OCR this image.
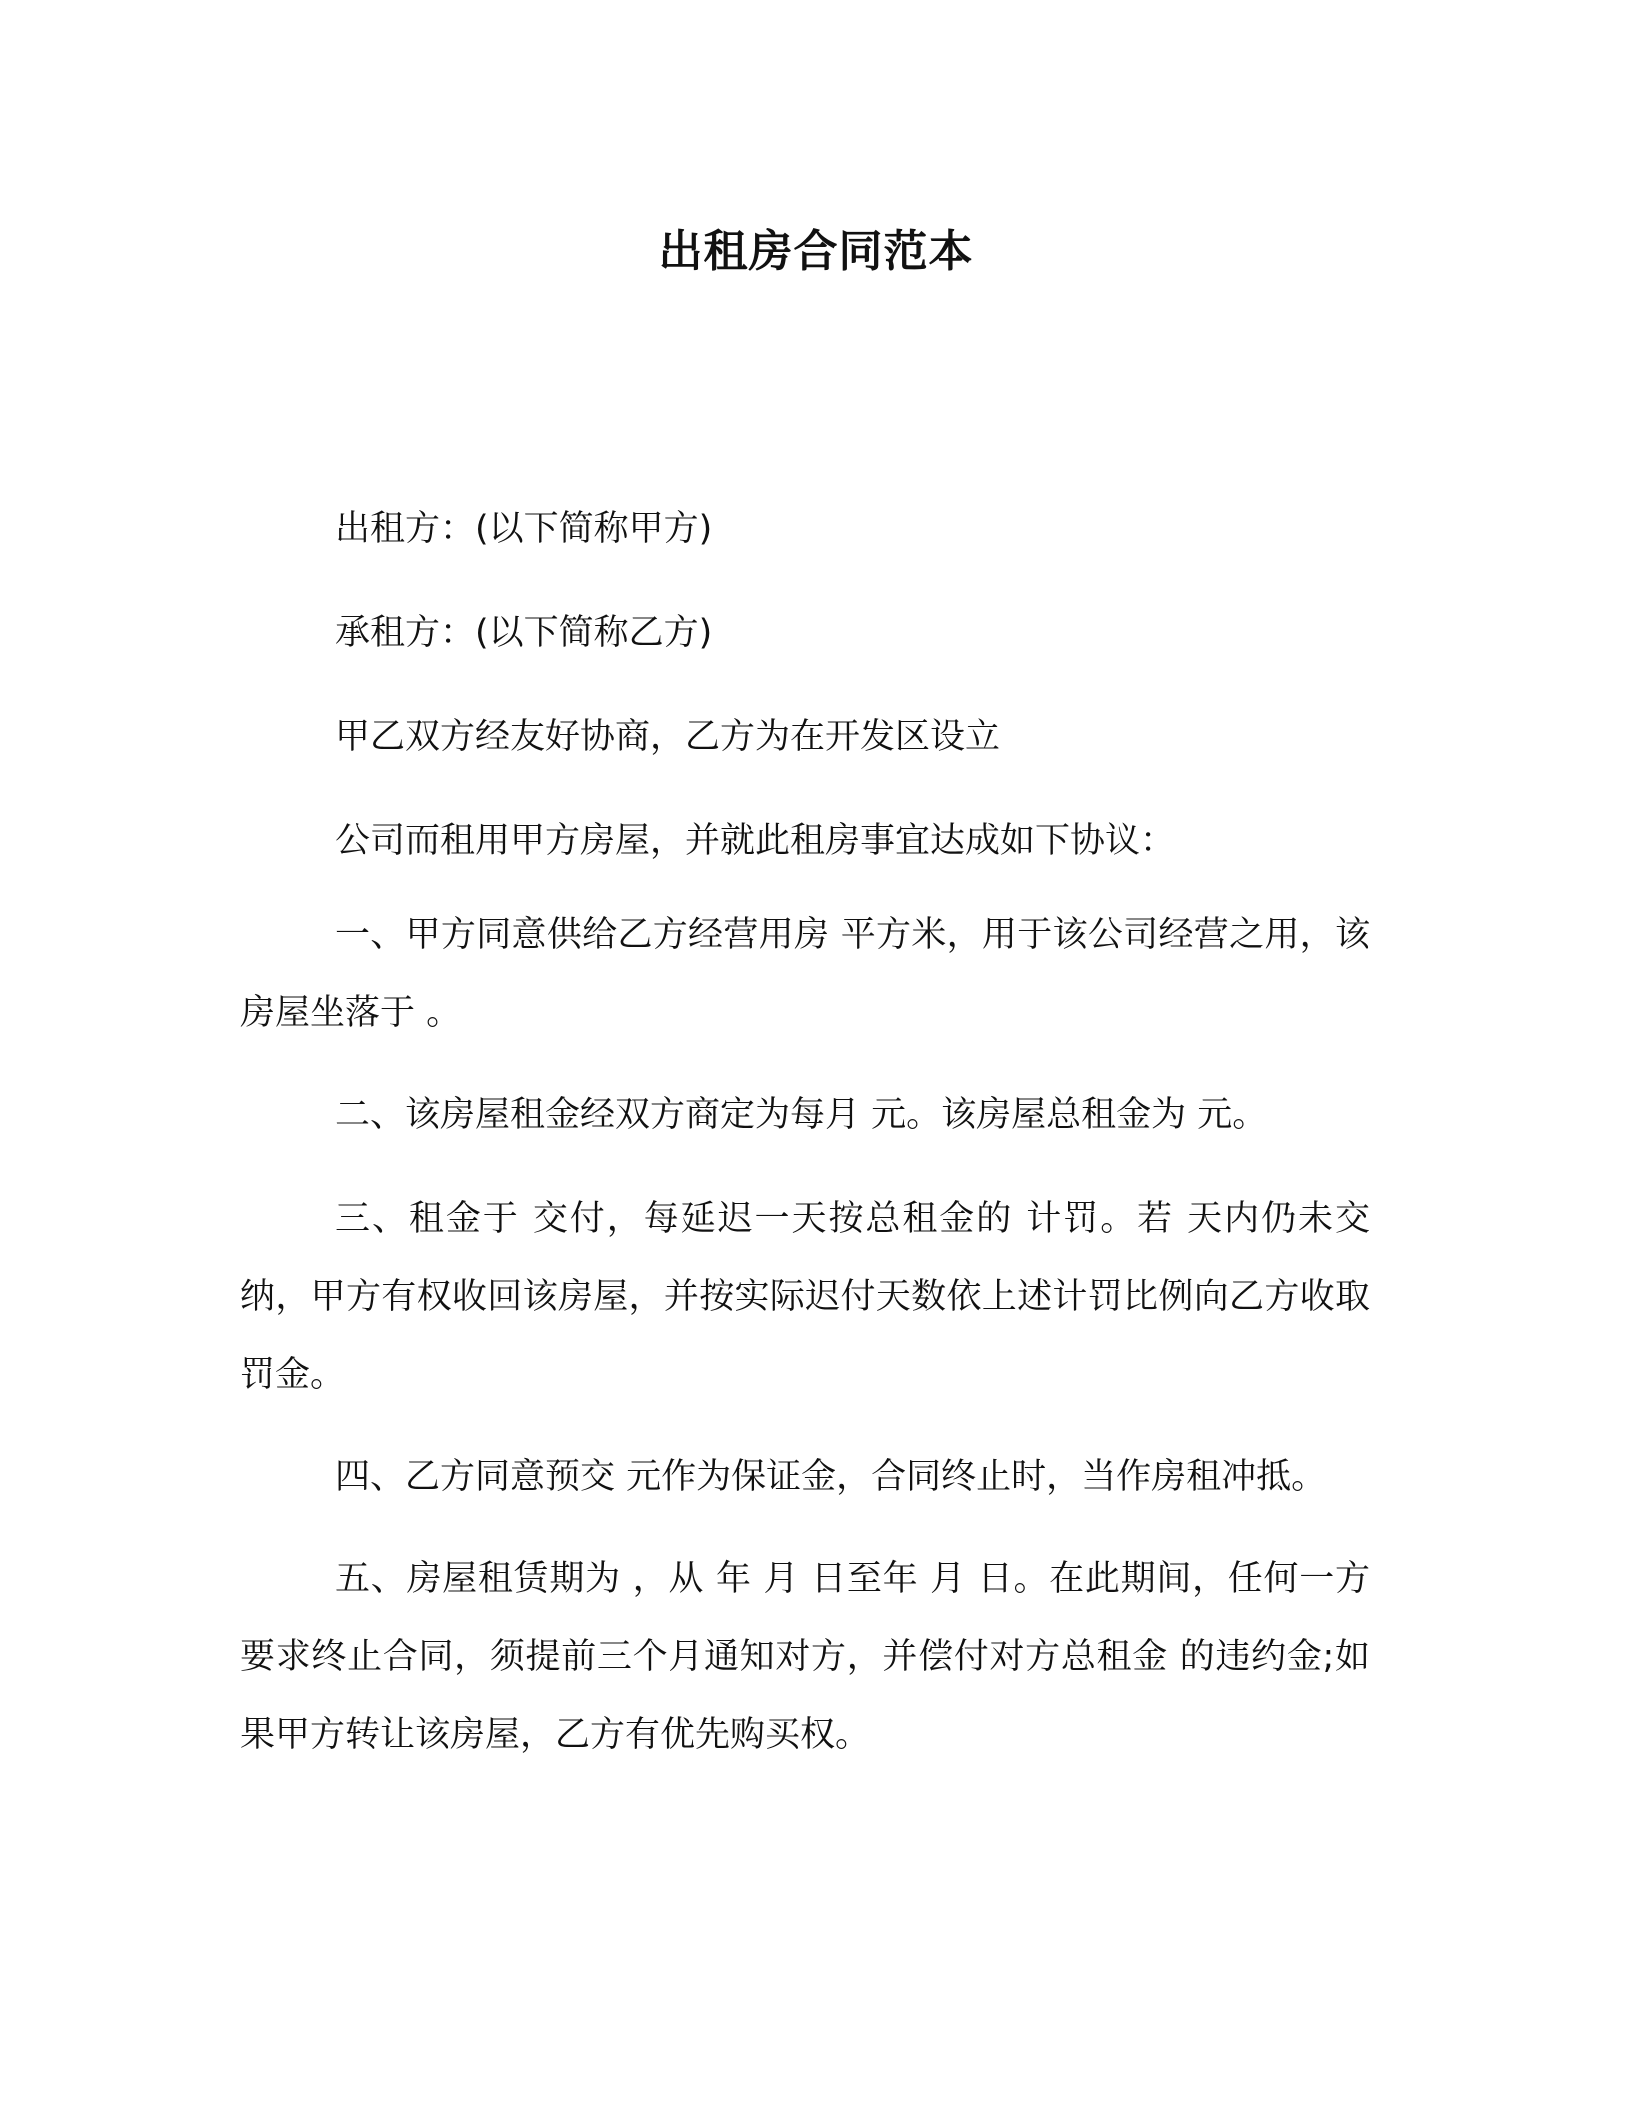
出租房合同范本

出租方：(以下简称甲方)

承租方：(以下简称乙方)

甲乙双方经友好协商，乙方为在开发区设立

公司而租用甲方房屋，并就此租房事宜达成如下协议：

一、甲方同意供给乙方经营用房 平方米，用于该公司经营之用，该房屋坐落于 。

二、该房屋租金经双方商定为每月 元。该房屋总租金为 元。

三、租金于 交付，每延迟一天按总租金的 计罚。若 天内仍未交纳，甲方有权收回该房屋，并按实际迟付天数依上述计罚比例向乙方收取罚金。

四、乙方同意预交 元作为保证金，合同终止时，当作房租冲抵。

五、房屋租赁期为 ，从 年 月 日至年 月 日。在此期间，任何一方要求终止合同，须提前三个月通知对方，并偿付对方总租金 的违约金;如果甲方转让该房屋，乙方有优先购买权。
